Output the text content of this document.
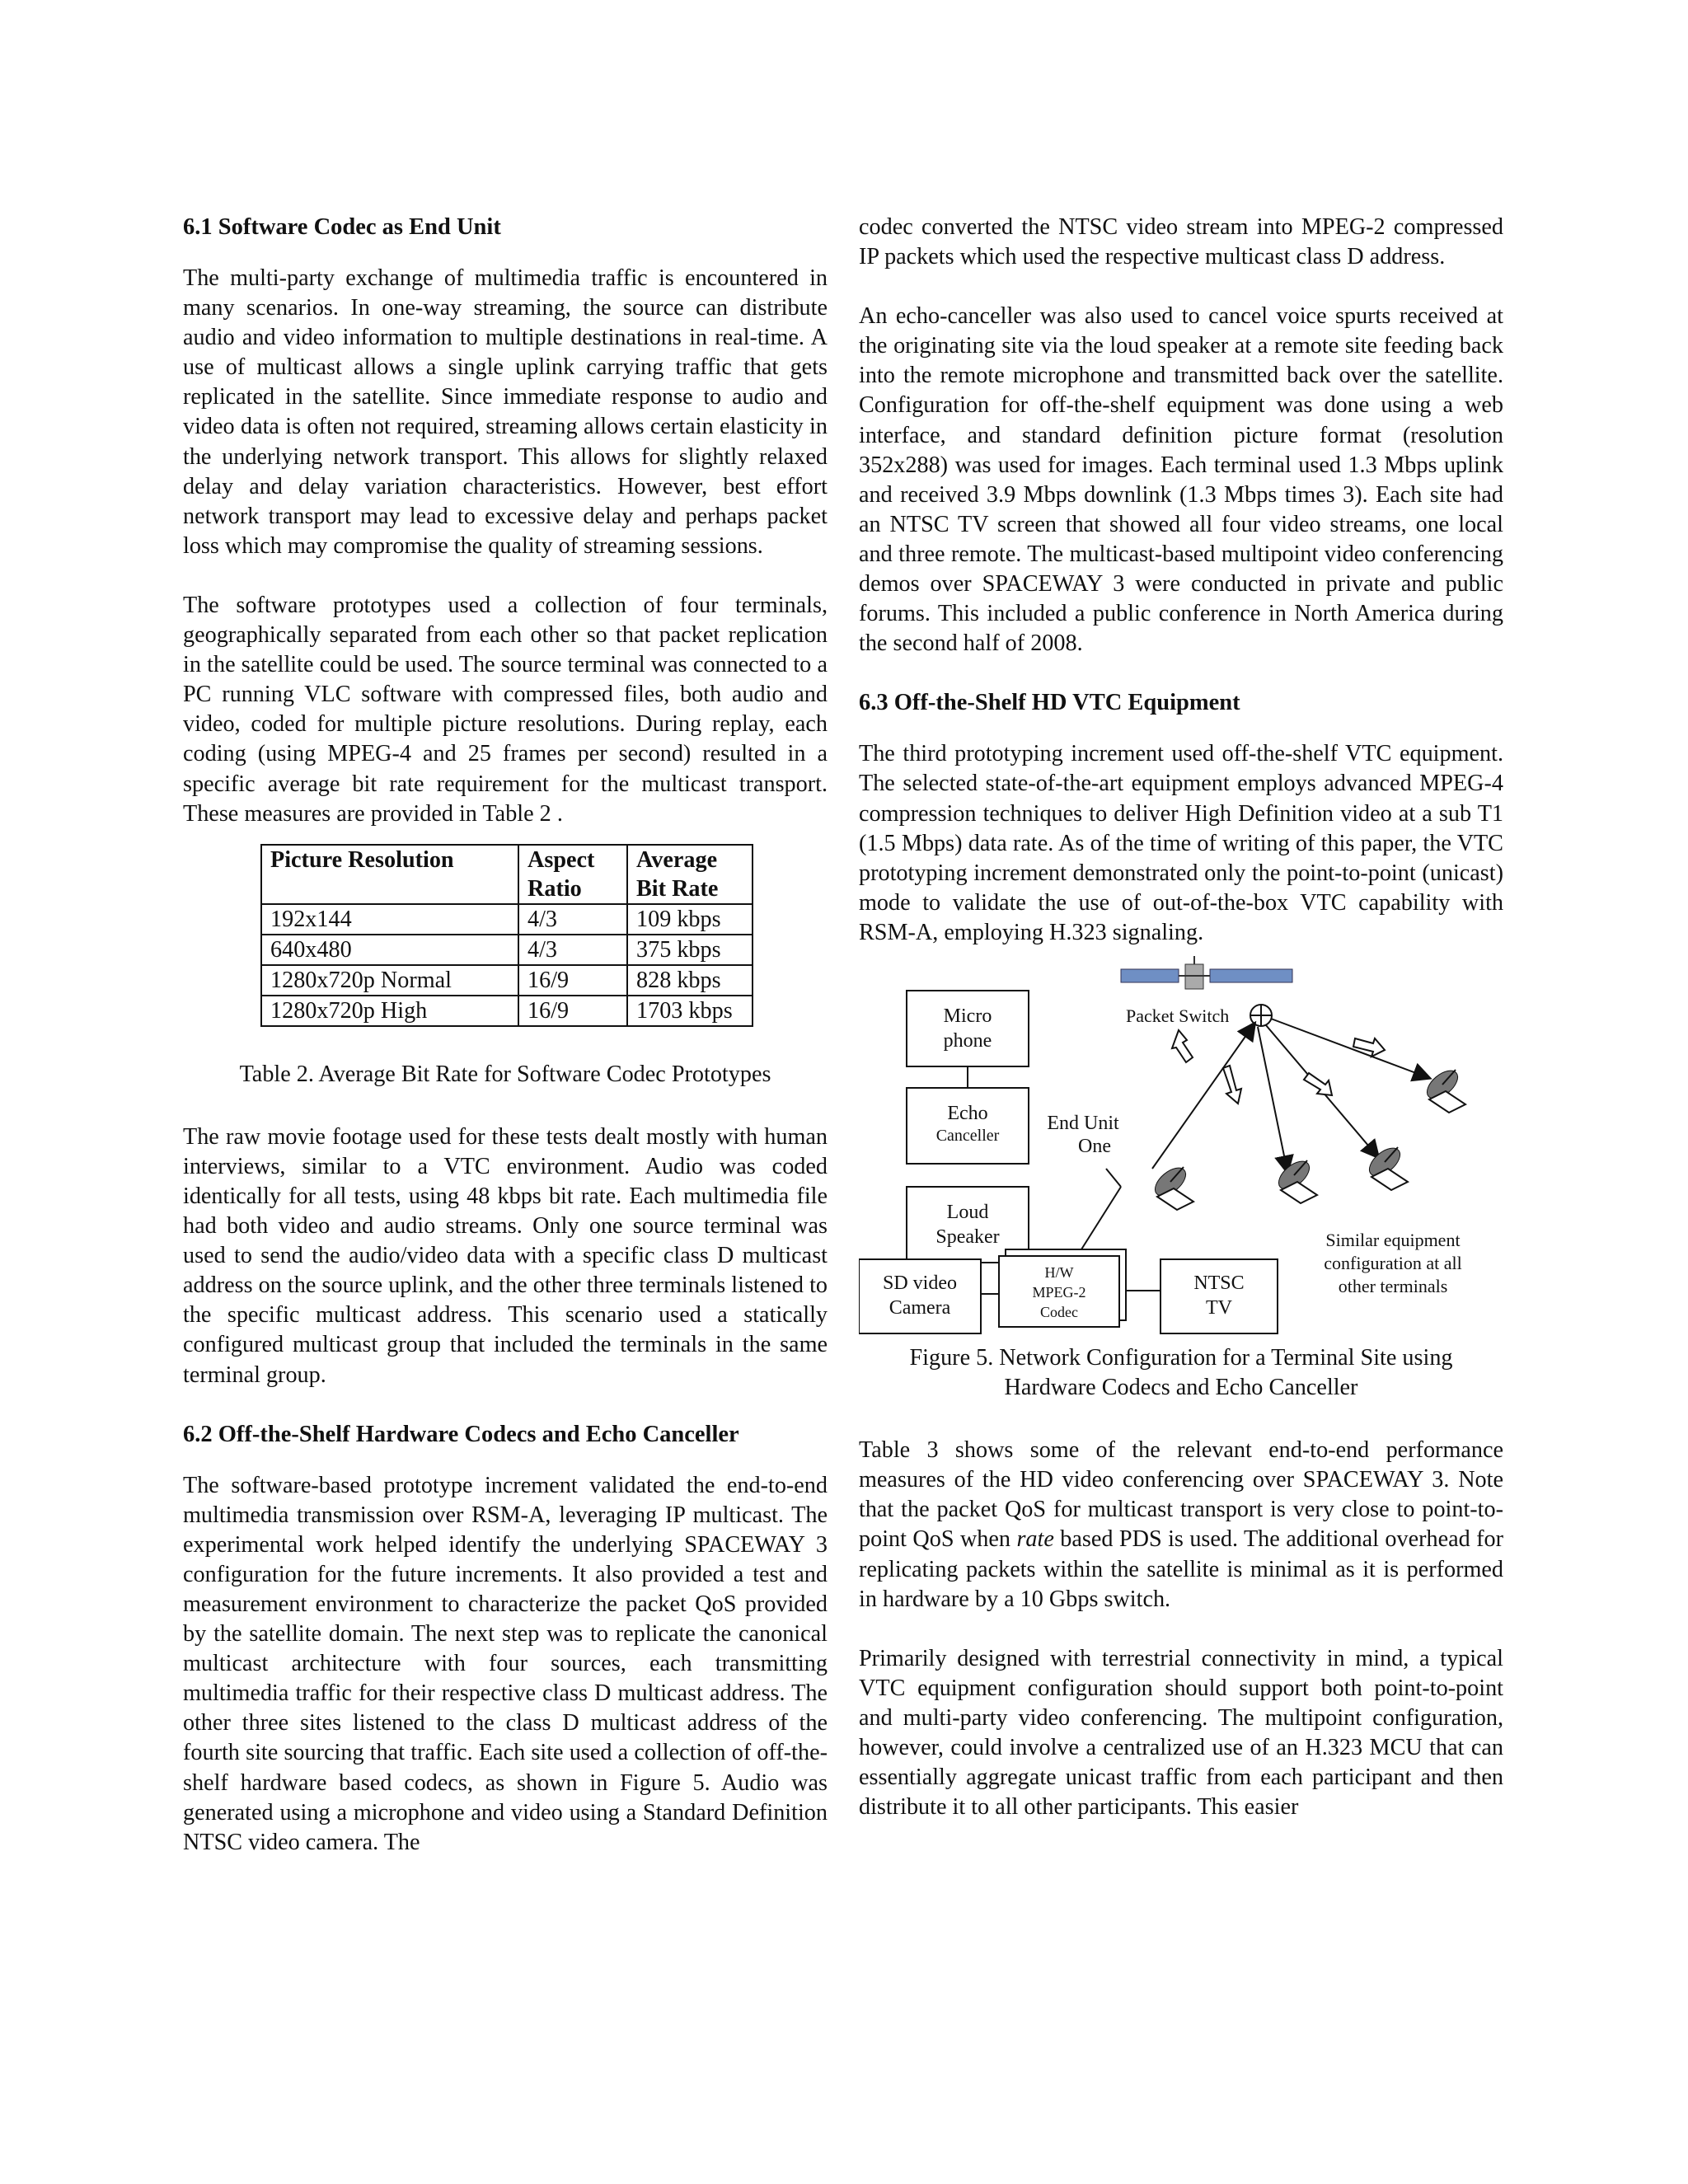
6.1 Software Codec as End Unit

The multi-party exchange of multimedia traffic is encountered in many scenarios. In one-way streaming, the source can distribute audio and video information to multiple destinations in real-time. A use of multicast allows a single uplink carrying traffic that gets replicated in the satellite. Since immediate response to audio and video data is often not required, streaming allows certain elasticity in the underlying network transport. This allows for slightly relaxed delay and delay variation characteristics. However, best effort network transport may lead to excessive delay and perhaps packet loss which may compromise the quality of streaming sessions.

The software prototypes used a collection of four terminals, geographically separated from each other so that packet replication in the satellite could be used. The source terminal was connected to a PC running VLC software with compressed files, both audio and video, coded for multiple picture resolutions. During replay, each coding (using MPEG-4 and 25 frames per second) resulted in a specific average bit rate requirement for the multicast transport. These measures are provided in Table 2 .

Picture Resolution	Aspect Ratio	Average Bit Rate

192x144	4/3	109 kbps
640x480	4/3	375 kbps
1280x720p Normal	16/9	828 kbps
1280x720p High	16/9	1703 kbps
Table 2. Average Bit Rate for Software Codec Prototypes

The raw movie footage used for these tests dealt mostly with human interviews, similar to a VTC environment. Audio was coded identically for all tests, using 48 kbps bit rate. Each multimedia file had both video and audio streams. Only one source terminal was used to send the audio/video data with a specific class D multicast address on the source uplink, and the other three terminals listened to the specific multicast address. This scenario used a statically configured multicast group that included the terminals in the same terminal group.

6.2 Off-the-Shelf Hardware Codecs and Echo Canceller

The software-based prototype increment validated the end-to-end multimedia transmission over RSM-A, leveraging IP multicast. The experimental work helped identify the underlying SPACEWAY 3 configuration for the future increments. It also provided a test and measurement environment to characterize the packet QoS provided by the satellite domain. The next step was to replicate the canonical multicast architecture with four sources, each transmitting multimedia traffic for their respective class D multicast address. The other three sites listened to the class D multicast address of the fourth site sourcing that traffic. Each site used a collection of off-the-shelf hardware based codecs, as shown in Figure 5. Audio was generated using a microphone and video using a Standard Definition NTSC video camera. The

codec converted the NTSC video stream into MPEG-2 compressed IP packets which used the respective multicast class D address.

An echo-canceller was also used to cancel voice spurts received at the originating site via the loud speaker at a remote site feeding back into the remote microphone and transmitted back over the satellite. Configuration for off-the-shelf equipment was done using a web interface, and standard definition picture format (resolution 352x288) was used for images. Each terminal used 1.3 Mbps uplink and received 3.9 Mbps downlink (1.3 Mbps times 3). Each site had an NTSC TV screen that showed all four video streams, one local and three remote. The multicast-based multipoint video conferencing demos over SPACEWAY 3 were conducted in private and public forums. This included a public conference in North America during the second half of 2008.

6.3 Off-the-Shelf HD VTC Equipment

The third prototyping increment used off-the-shelf VTC equipment. The selected state-of-the-art equipment employs advanced MPEG-4 compression techniques to deliver High Definition video at a sub T1 (1.5 Mbps) data rate. As of the time of writing of this paper, the VTC prototyping increment demonstrated only the point-to-point (unicast) mode to validate the use of out-of-the-box VTC capability with RSM-A, employing H.323 signaling.

Micro
phone
Echo
Canceller
Loud
Speaker
SD video
Camera
H/W
MPEG-2
Codec
NTSC
TV
Packet Switch
End Unit
One
Similar equipment
configuration at all
other terminals
Figure 5. Network Configuration for a Terminal Site using
Hardware Codecs and Echo Canceller

Table 3 shows some of the relevant end-to-end performance measures of the HD video conferencing over SPACEWAY 3. Note that the packet QoS for multicast transport is very close to point-to-point QoS when rate based PDS is used. The additional overhead for replicating packets within the satellite is minimal as it is performed in hardware by a 10 Gbps switch.

Primarily designed with terrestrial connectivity in mind, a typical VTC equipment configuration should support both point-to-point and multi-party video conferencing. The multipoint configuration, however, could involve a centralized use of an H.323 MCU that can essentially aggregate unicast traffic from each participant and then distribute it to all other participants. This easier
